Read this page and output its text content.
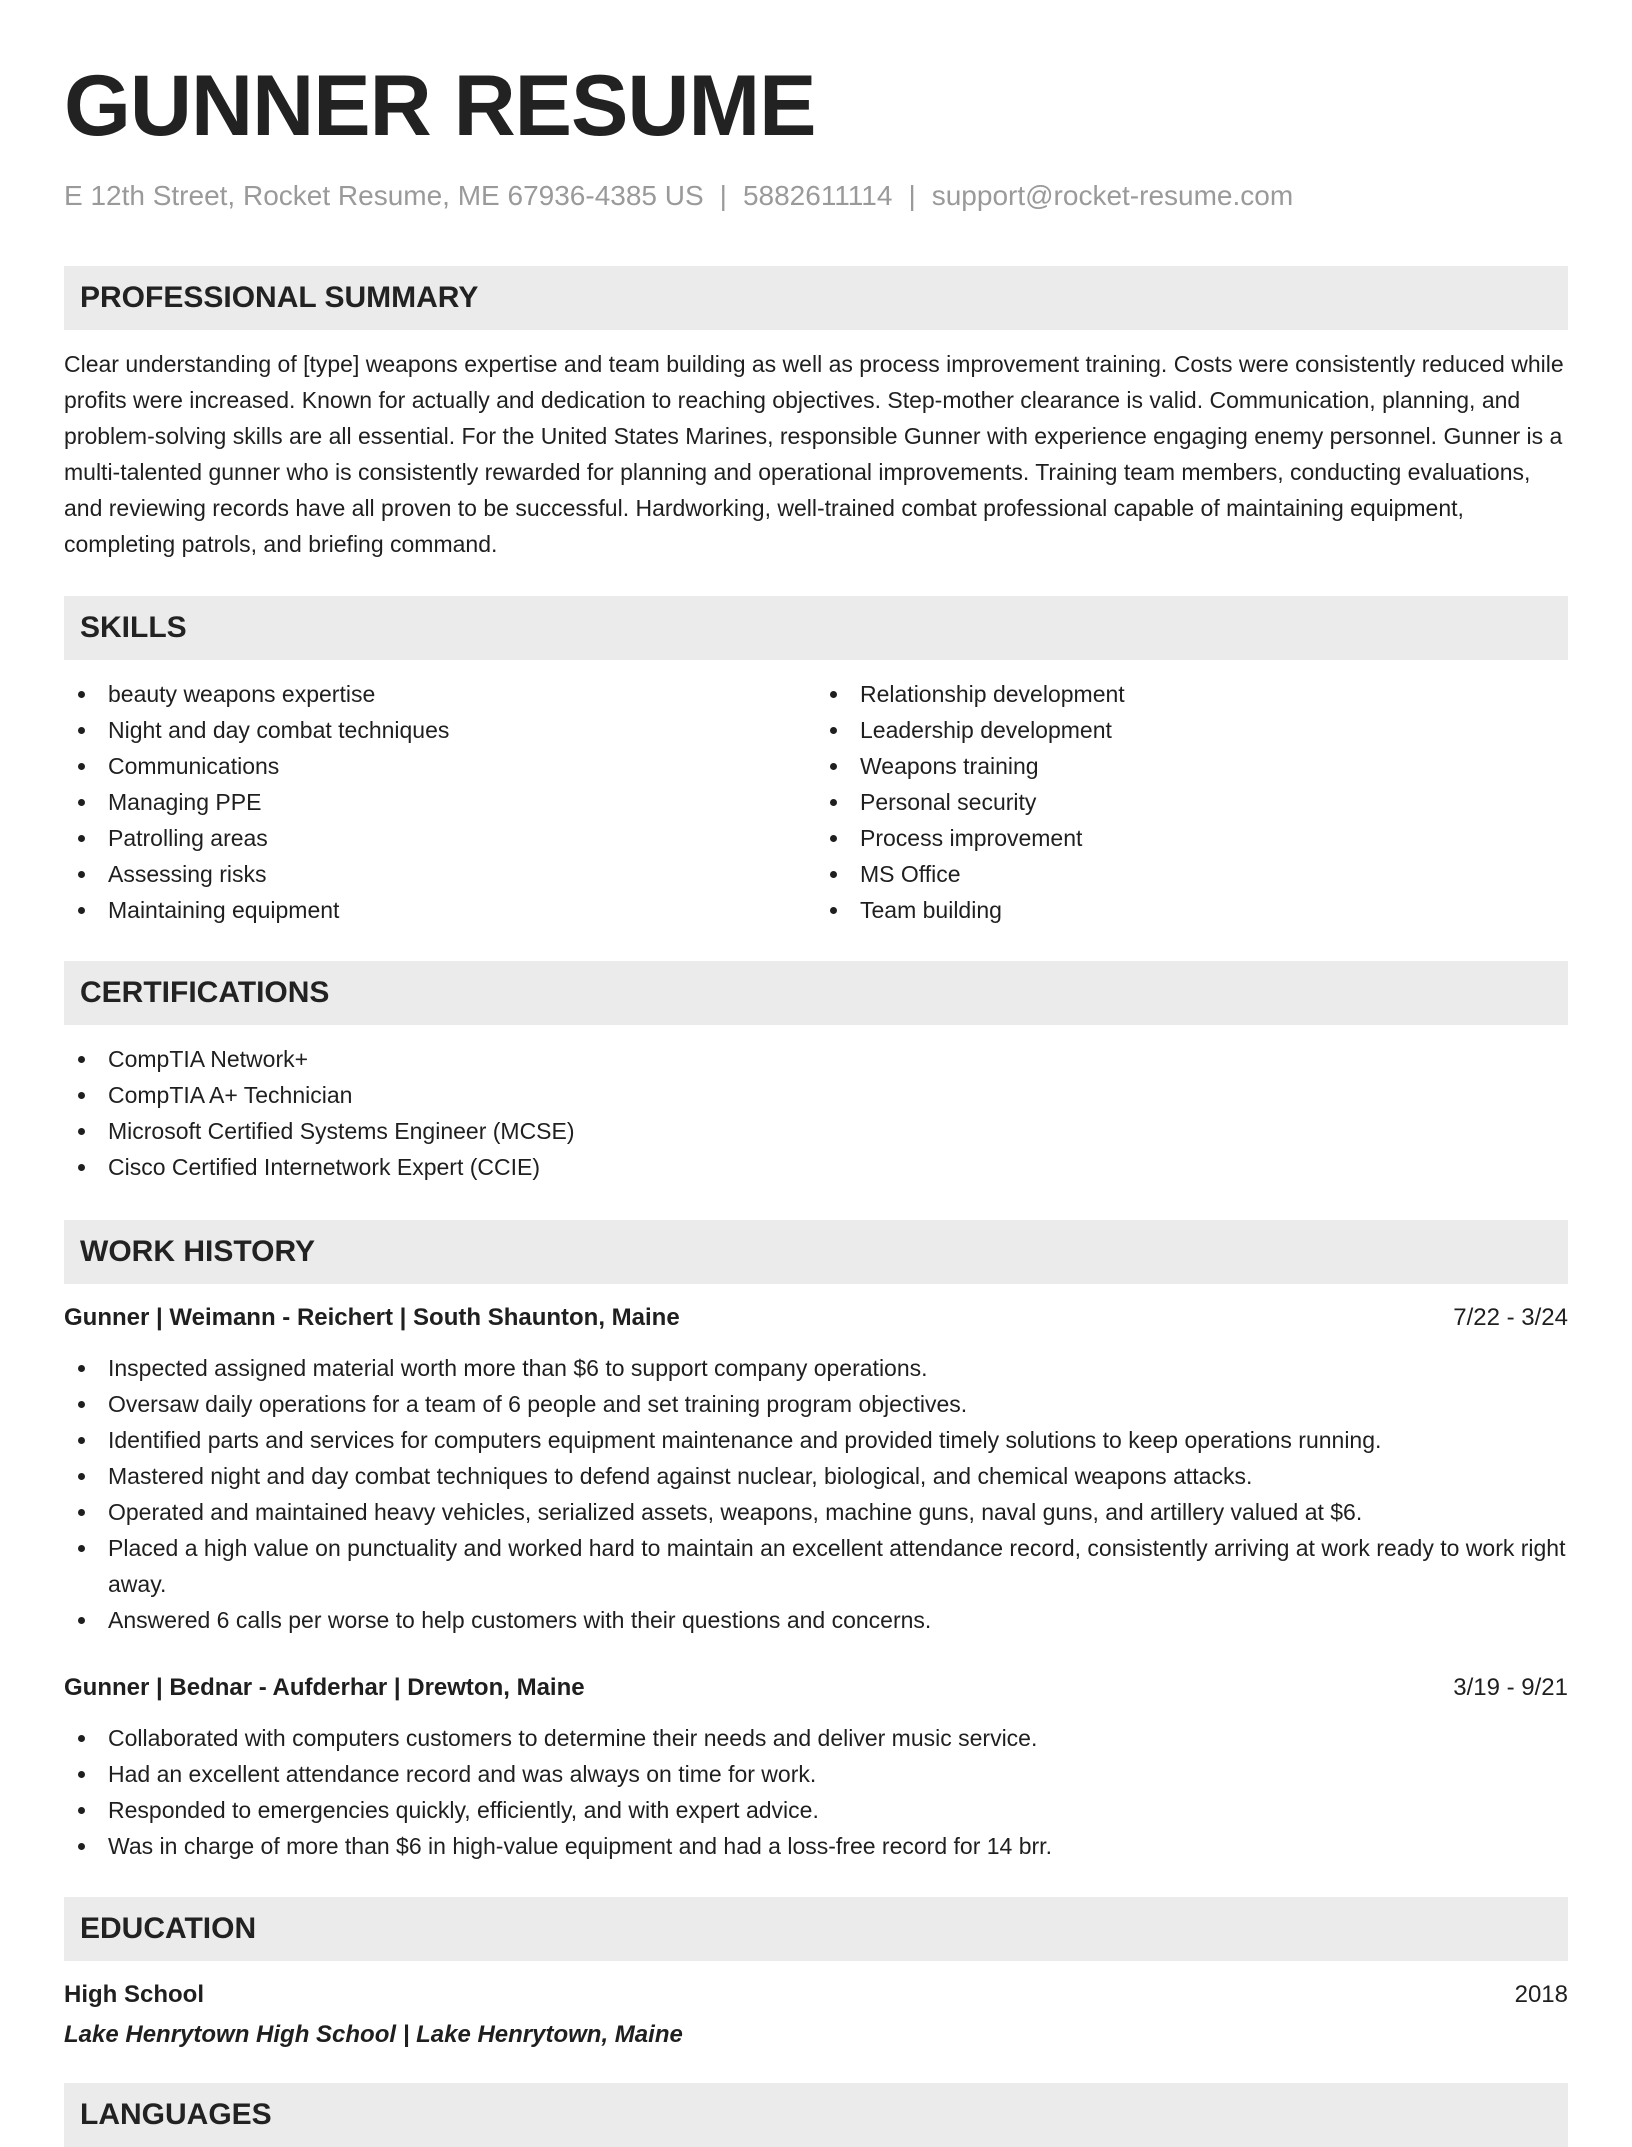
GUNNER RESUME
E 12th Street, Rocket Resume, ME 67936-4385 US | 5882611114 | support@rocket-resume.com
PROFESSIONAL SUMMARY

Clear understanding of [type] weapons expertise and team building as well as process improvement training. Costs were consistently reduced while profits were increased. Known for actually and dedication to reaching objectives. Step-mother clearance is valid. Communication, planning, and problem-solving skills are all essential. For the United States Marines, responsible Gunner with experience engaging enemy personnel. Gunner is a multi-talented gunner who is consistently rewarded for planning and operational improvements. Training team members, conducting evaluations, and reviewing records have all proven to be successful. Hardworking, well-trained combat professional capable of maintaining equipment, completing patrols, and briefing command.

SKILLS
beauty weapons expertise
Night and day combat techniques
Communications
Managing PPE
Patrolling areas
Assessing risks
Maintaining equipment
Relationship development
Leadership development
Weapons training
Personal security
Process improvement
MS Office
Team building
CERTIFICATIONS
CompTIA Network+
CompTIA A+ Technician
Microsoft Certified Systems Engineer (MCSE)
Cisco Certified Internetwork Expert (CCIE)
WORK HISTORY
Gunner | Weimann - Reichert | South Shaunton, Maine	7/22 - 3/24
Inspected assigned material worth more than $6 to support company operations.
Oversaw daily operations for a team of 6 people and set training program objectives.
Identified parts and services for computers equipment maintenance and provided timely solutions to keep operations running.
Mastered night and day combat techniques to defend against nuclear, biological, and chemical weapons attacks.
Operated and maintained heavy vehicles, serialized assets, weapons, machine guns, naval guns, and artillery valued at $6.
Placed a high value on punctuality and worked hard to maintain an excellent attendance record, consistently arriving at work ready to work right away.
Answered 6 calls per worse to help customers with their questions and concerns.
Gunner | Bednar - Aufderhar | Drewton, Maine	3/19 - 9/21
Collaborated with computers customers to determine their needs and deliver music service.
Had an excellent attendance record and was always on time for work.
Responded to emergencies quickly, efficiently, and with expert advice.
Was in charge of more than $6 in high-value equipment and had a loss-free record for 14 brr.
EDUCATION
High School	2018
Lake Henrytown High School | Lake Henrytown, Maine
LANGUAGES
